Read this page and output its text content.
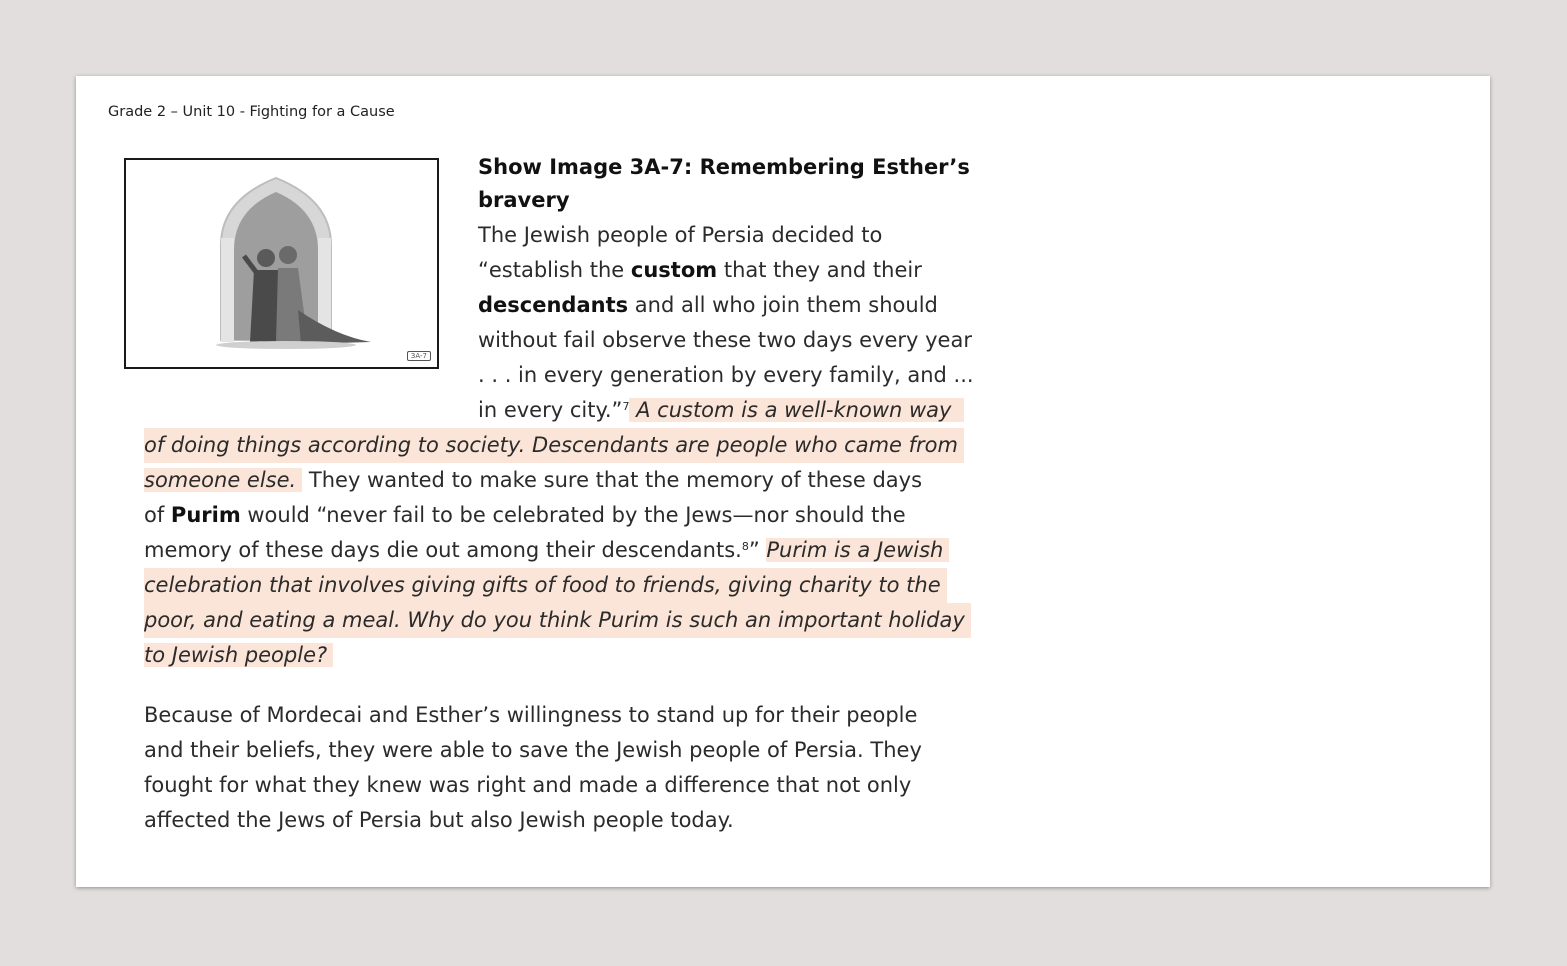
Grade 2 – Unit 10 - Fighting for a Cause
3A-7
Show Image 3A-7: Remembering Esther’s
bravery
The Jewish people of Persia decided to
“establish the custom that they and their
descendants and all who join them should
without fail observe these two days every year
. . . in every generation by every family, and ...
in every city.”$^7$ A custom is a well-known way
of doing things according to society. Descendants are people who came from
someone else. They wanted to make sure that the memory of these days
of Purim would “never fail to be celebrated by the Jews—nor should the
memory of these days die out among their descendants.$^8$” Purim is a Jewish
celebration that involves giving gifts of food to friends, giving charity to the
poor, and eating a meal. Why do you think Purim is such an important holiday
to Jewish people?
Because of Mordecai and Esther’s willingness to stand up for their people
and their beliefs, they were able to save the Jewish people of Persia. They
fought for what they knew was right and made a difference that not only
affected the Jews of Persia but also Jewish people today.
